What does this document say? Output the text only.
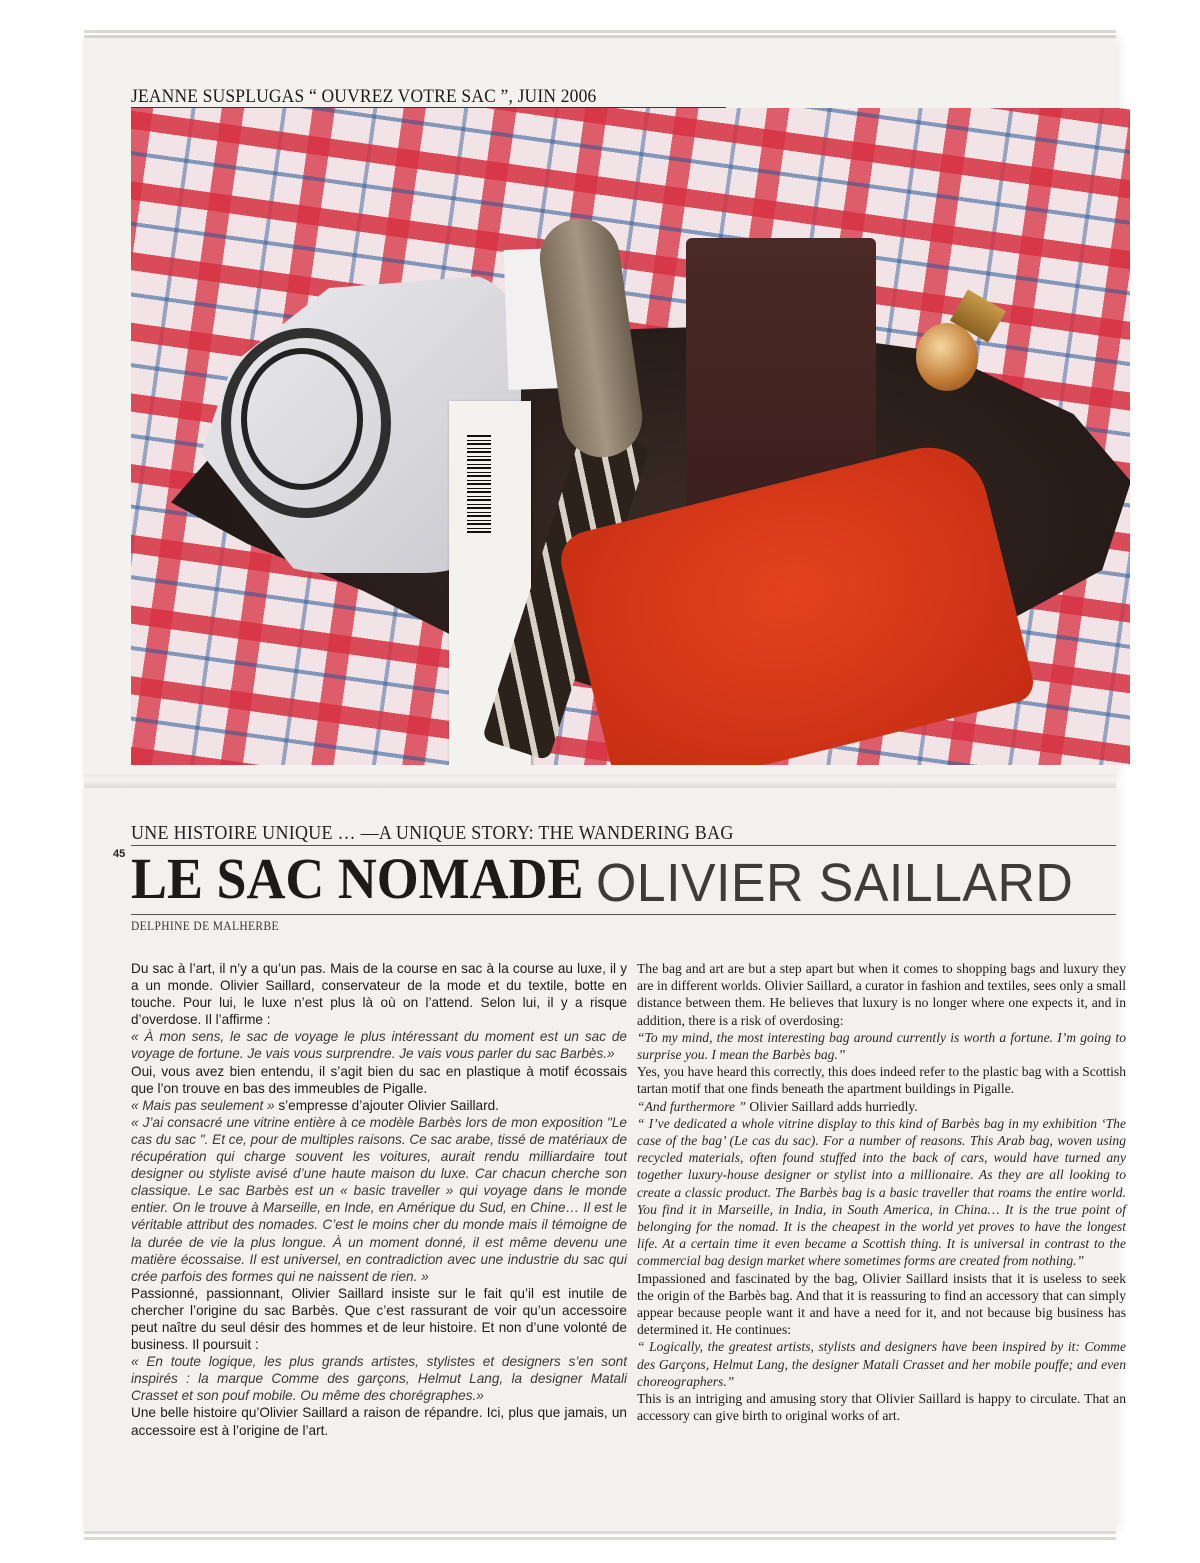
JEANNE SUSPLUGAS “ OUVREZ VOTRE SAC ”, JUIN 2006
UNE HISTOIRE UNIQUE … —A UNIQUE STORY: THE WANDERING BAG
45 LE SAC NOMADE OLIVIER SAILLARD
DELPHINE DE MALHERBE

Du sac à l’art, il n’y a qu’un pas. Mais de la course en sac à la course au luxe, il y a un monde. Olivier Saillard, conservateur de la mode et du textile, botte en touche. Pour lui, le luxe n’est plus là où on l’attend. Selon lui, il y a risque d’overdose. Il l’affirme :

« À mon sens, le sac de voyage le plus intéressant du moment est un sac de voyage de fortune. Je vais vous surprendre. Je vais vous parler du sac Barbès.»

Oui, vous avez bien entendu, il s’agit bien du sac en plastique à motif écossais que l’on trouve en bas des immeubles de Pigalle.

« Mais pas seulement » s’empresse d’ajouter Olivier Saillard.

« J’ai consacré une vitrine entière à ce modèle Barbès lors de mon exposition "Le cas du sac ". Et ce, pour de multiples raisons. Ce sac arabe, tissé de matériaux de récupération qui charge souvent les voitures, aurait rendu milliardaire tout designer ou styliste avisé d’une haute maison du luxe. Car chacun cherche son classique. Le sac Barbès est un « basic traveller » qui voyage dans le monde entier. On le trouve à Marseille, en Inde, en Amérique du Sud, en Chine… Il est le véritable attribut des nomades. C’est le moins cher du monde mais il témoigne de la durée de vie la plus longue. À un moment donné, il est même devenu une matière écossaise. Il est universel, en contradiction avec une industrie du sac qui crée parfois des formes qui ne naissent de rien. »

Passionné, passionnant, Olivier Saillard insiste sur le fait qu’il est inutile de chercher l’origine du sac Barbès. Que c’est rassurant de voir qu’un accessoire peut naître du seul désir des hommes et de leur histoire. Et non d’une volonté de business. Il poursuit :

« En toute logique, les plus grands artistes, stylistes et designers s’en sont inspirés : la marque Comme des garçons, Helmut Lang, la designer Matali Crasset et son pouf mobile. Ou même des chorégraphes.»

Une belle histoire qu’Olivier Saillard a raison de répandre. Ici, plus que jamais, un accessoire est à l’origine de l’art.

The bag and art are but a step apart but when it comes to shopping bags and luxury they are in different worlds. Olivier Saillard, a curator in fashion and textiles, sees only a small distance between them. He believes that luxury is no longer where one expects it, and in addition, there is a risk of overdosing:

“To my mind, the most interesting bag around currently is worth a fortune. I’m going to surprise you. I mean the Barbès bag.”

Yes, you have heard this correctly, this does indeed refer to the plastic bag with a Scottish tartan motif that one finds beneath the apartment buildings in Pigalle.

“And furthermore ” Olivier Saillard adds hurriedly.

“ I’ve dedicated a whole vitrine display to this kind of Barbès bag in my exhibition ‘The case of the bag’ (Le cas du sac). For a number of reasons. This Arab bag, woven using recycled materials, often found stuffed into the back of cars, would have turned any together luxury-house designer or stylist into a millionaire. As they are all looking to create a classic product. The Barbès bag is a basic traveller that roams the entire world. You find it in Marseille, in India, in South America, in China… It is the true point of belonging for the nomad. It is the cheapest in the world yet proves to have the longest life. At a certain time it even became a Scottish thing. It is universal in contrast to the commercial bag design market where sometimes forms are created from nothing.”

Impassioned and fascinated by the bag, Olivier Saillard insists that it is useless to seek the origin of the Barbès bag. And that it is reassuring to find an accessory that can simply appear because people want it and have a need for it, and not because big business has determined it. He continues:

“ Logically, the greatest artists, stylists and designers have been inspired by it: Comme des Garçons, Helmut Lang, the designer Matali Crasset and her mobile pouffe; and even choreographers.”

This is an intriging and amusing story that Olivier Saillard is happy to circulate. That an accessory can give birth to original works of art.
